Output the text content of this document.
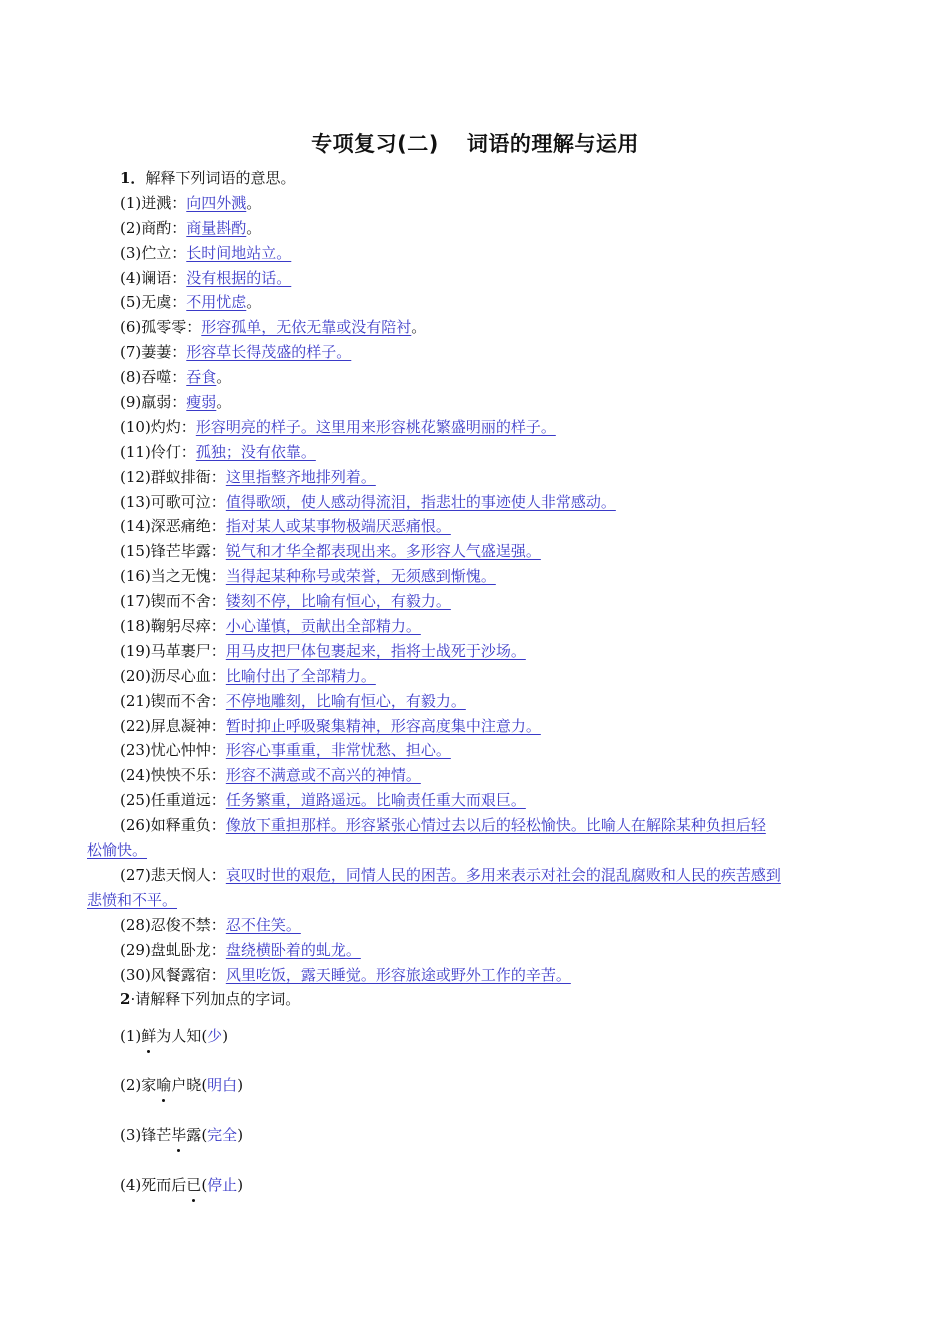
专项复习(二) 词语的理解与运用
1．解释下列词语的意思。
(1)迸溅：向四外溅。
(2)商酌：商量斟酌。
(3)伫立：长时间地站立。
(4)谰语：没有根据的话。
(5)无虞：不用忧虑。
(6)孤零零：形容孤单，无依无靠或没有陪衬。
(7)萋萋：形容草长得茂盛的样子。
(8)吞噬：吞食。
(9)羸弱：瘦弱。
(10)灼灼：形容明亮的样子。这里用来形容桃花繁盛明丽的样子。
(11)伶仃：孤独；没有依靠。
(12)群蚁排衙：这里指整齐地排列着。
(13)可歌可泣：值得歌颂，使人感动得流泪，指悲壮的事迹使人非常感动。
(14)深恶痛绝：指对某人或某事物极端厌恶痛恨。
(15)锋芒毕露：锐气和才华全都表现出来。多形容人气盛逞强。
(16)当之无愧：当得起某种称号或荣誉，无须感到惭愧。
(17)锲而不舍：镂刻不停，比喻有恒心，有毅力。
(18)鞠躬尽瘁：小心谨慎，贡献出全部精力。
(19)马革裹尸：用马皮把尸体包裹起来，指将士战死于沙场。
(20)沥尽心血：比喻付出了全部精力。
(21)锲而不舍：不停地雕刻，比喻有恒心，有毅力。
(22)屏息凝神：暂时抑止呼吸聚集精神，形容高度集中注意力。
(23)忧心忡忡：形容心事重重，非常忧愁、担心。
(24)怏怏不乐：形容不满意或不高兴的神情。
(25)任重道远：任务繁重，道路遥远。比喻责任重大而艰巨。
(26)如释重负：像放下重担那样。形容紧张心情过去以后的轻松愉快。比喻人在解除某种负担后轻
松愉快。
(27)悲天悯人：哀叹时世的艰危，同情人民的困苦。多用来表示对社会的混乱腐败和人民的疾苦感到
悲愤和不平。
(28)忍俊不禁：忍不住笑。
(29)盘虬卧龙：盘绕横卧着的虬龙。
(30)风餐露宿：风里吃饭，露天睡觉。形容旅途或野外工作的辛苦。
2·请解释下列加点的字词。
(1)鲜为人知(少)
(2)家喻户晓(明白)
(3)锋芒毕露(完全)
(4)死而后已(停止)
